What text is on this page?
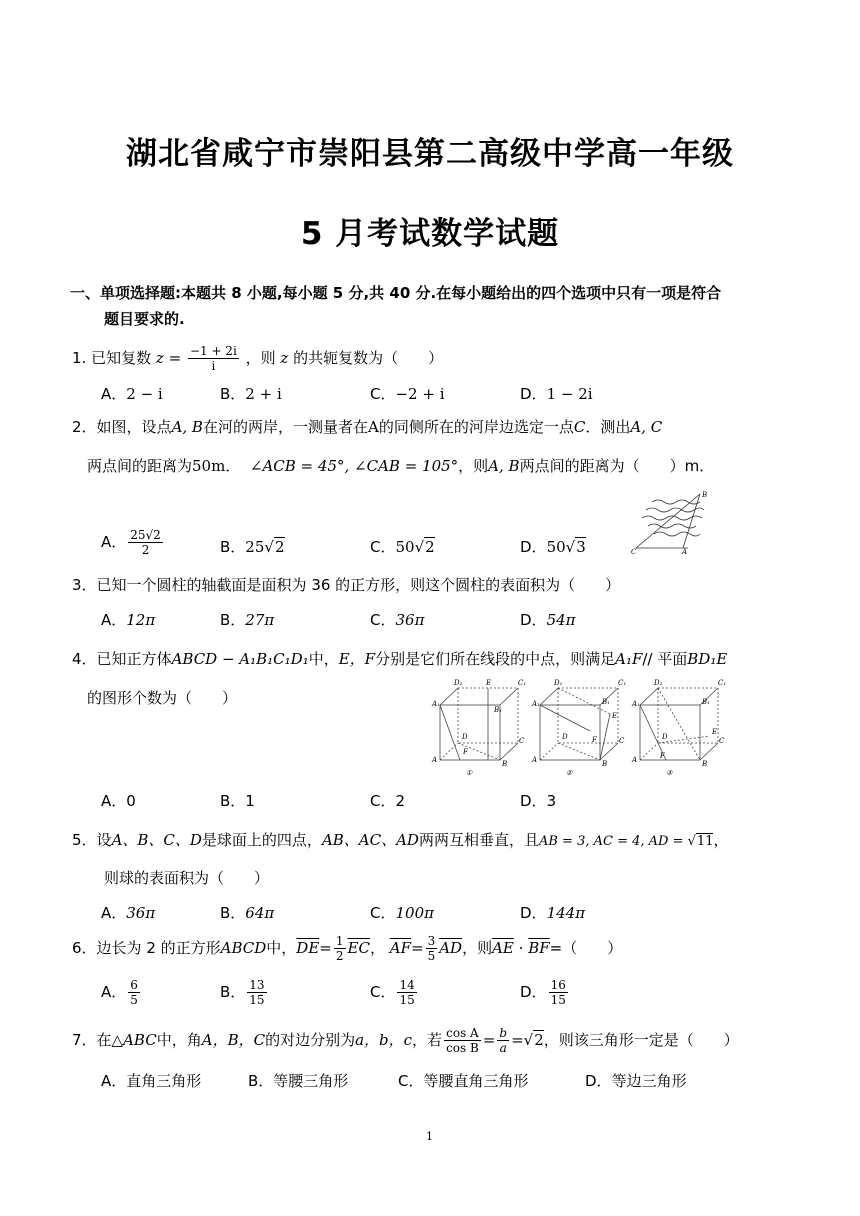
湖北省咸宁市崇阳县第二高级中学高一年级
5 月考试数学试题
一、单项选择题:本题共 8 小题,每小题 5 分,共 40 分.在每小题给出的四个选项中只有一项是符合
题目要求的.
1. 已知复数 $z = \frac{-1 + 2i}{i}$ ，则 z 的共轭复数为（　　）
A．2 − i	B．2 + i	C．−2 + i	D．1 − 2i
2．如图，设点A, B在河的两岸，一测量者在A的同侧所在的河岸边选定一点C．测出A, C
两点间的距离为50m． ∠ACB = 45°, ∠CAB = 105°，则A, B两点间的距离为（　　）m．
A． $\frac{25√2}{2}$	B．25√2	C．50√2	D．50√3
B
C	A
3．已知一个圆柱的轴截面是面积为 36 的正方形，则这个圆柱的表面积为（　　）
A．12π	B．27π	C．36π	D．54π
4．已知正方体ABCD − A₁B₁C₁D₁中，E，F分别是它们所在线段的中点，则满足A₁F// 平面BD₁E
的图形个数为（　　）
D₁	E	C₁
A₁
B₁
D	C
A	B
F
①
D₁	C₁
A₁	B₁
E
D	F	C
A	B
②
D₁	C₁
A₁	B₁
E
D
F
C
A	B
③
A．0	B．1	C．2	D．3
5．设A、B、C、D是球面上的四点，AB、AC、AD两两互相垂直，且AB = 3, AC = 4, AD = √11，
则球的表面积为（　　）
A．36π	B．64π	C．100π	D．144π
6．边长为 2 的正方形ABCD中，$\overline{DE}= \frac{1}{2} \overline{EC}$， $\overline{AF}= \frac{3}{5} \overline{AD}$，则$\overline{AE} \cdot \overline{BF}=$（　　）
A． $\frac{6}{5}$	B． $\frac{13}{15}$	C． $\frac{14}{15}$	D． $\frac{16}{15}$
7．在△ABC中，角A，B，C的对边分别为a，b，c，若 $\frac{\text{cos A}}{\text{cos B}} = \frac{b}{a} =√2$，则该三角形一定是（　　）
A．直角三角形	B．等腰三角形	C．等腰直角三角形	D．等边三角形
1
